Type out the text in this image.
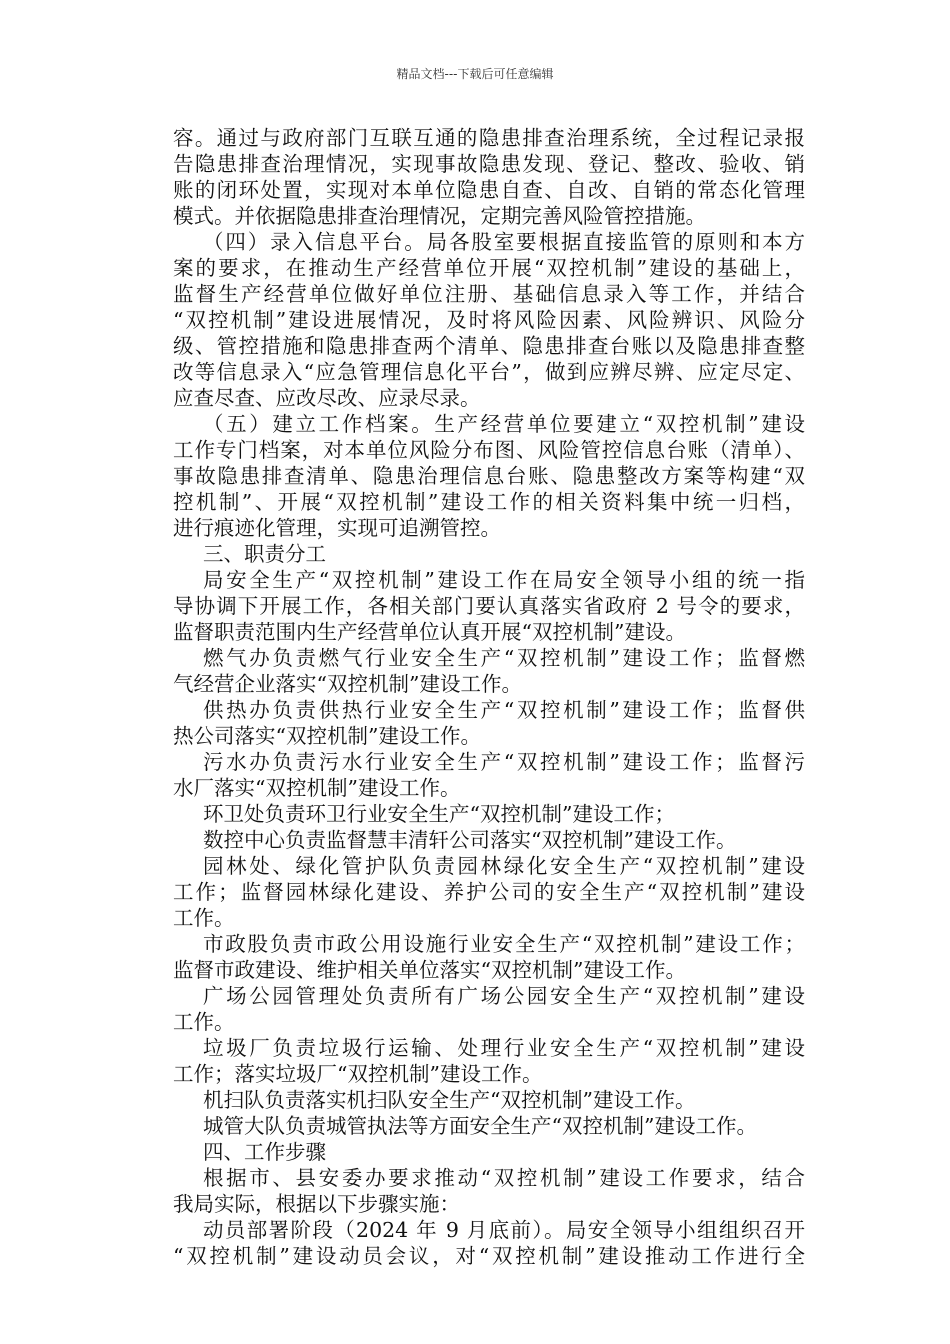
精品文档---下载后可任意编辑
容。通过与政府部门互联互通的隐患排查治理系统，全过程记录报
告隐患排查治理情况，实现事故隐患发现、登记、整改、验收、销
账的闭环处置，实现对本单位隐患自查、自改、自销的常态化管理
模式。并依据隐患排查治理情况，定期完善风险管控措施。
（四）录入信息平台。局各股室要根据直接监管的原则和本方
案的要求，在推动生产经营单位开展“双控机制”建设的基础上，
监督生产经营单位做好单位注册、基础信息录入等工作，并结合
“双控机制”建设进展情况，及时将风险因素、风险辨识、风险分
级、管控措施和隐患排查两个清单、隐患排查台账以及隐患排查整
改等信息录入“应急管理信息化平台”，做到应辨尽辨、应定尽定、
应查尽查、应改尽改、应录尽录。
（五）建立工作档案。生产经营单位要建立“双控机制”建设
工作专门档案，对本单位风险分布图、风险管控信息台账（清单）、
事故隐患排查清单、隐患治理信息台账、隐患整改方案等构建“双
控机制”、开展“双控机制”建设工作的相关资料集中统一归档，
进行痕迹化管理，实现可追溯管控。
三、职责分工
局安全生产“双控机制”建设工作在局安全领导小组的统一指
导协调下开展工作，各相关部门要认真落实省政府 2 号令的要求，
监督职责范围内生产经营单位认真开展“双控机制”建设。
燃气办负责燃气行业安全生产“双控机制”建设工作；监督燃
气经营企业落实“双控机制”建设工作。
供热办负责供热行业安全生产“双控机制”建设工作；监督供
热公司落实“双控机制”建设工作。
污水办负责污水行业安全生产“双控机制”建设工作；监督污
水厂落实“双控机制”建设工作。
环卫处负责环卫行业安全生产“双控机制”建设工作；
数控中心负责监督慧丰清轩公司落实“双控机制”建设工作。
园林处、绿化管护队负责园林绿化安全生产“双控机制”建设
工作；监督园林绿化建设、养护公司的安全生产“双控机制”建设
工作。
市政股负责市政公用设施行业安全生产“双控机制”建设工作；
监督市政建设、维护相关单位落实“双控机制”建设工作。
广场公园管理处负责所有广场公园安全生产“双控机制”建设
工作。
垃圾厂负责垃圾行运输、处理行业安全生产“双控机制”建设
工作；落实垃圾厂“双控机制”建设工作。
机扫队负责落实机扫队安全生产“双控机制”建设工作。
城管大队负责城管执法等方面安全生产“双控机制”建设工作。
四、工作步骤
根据市、县安委办要求推动“双控机制”建设工作要求，结合
我局实际，根据以下步骤实施：
动员部署阶段（2024 年 9 月底前）。局安全领导小组组织召开
“双控机制”建设动员会议，对“双控机制”建设推动工作进行全
